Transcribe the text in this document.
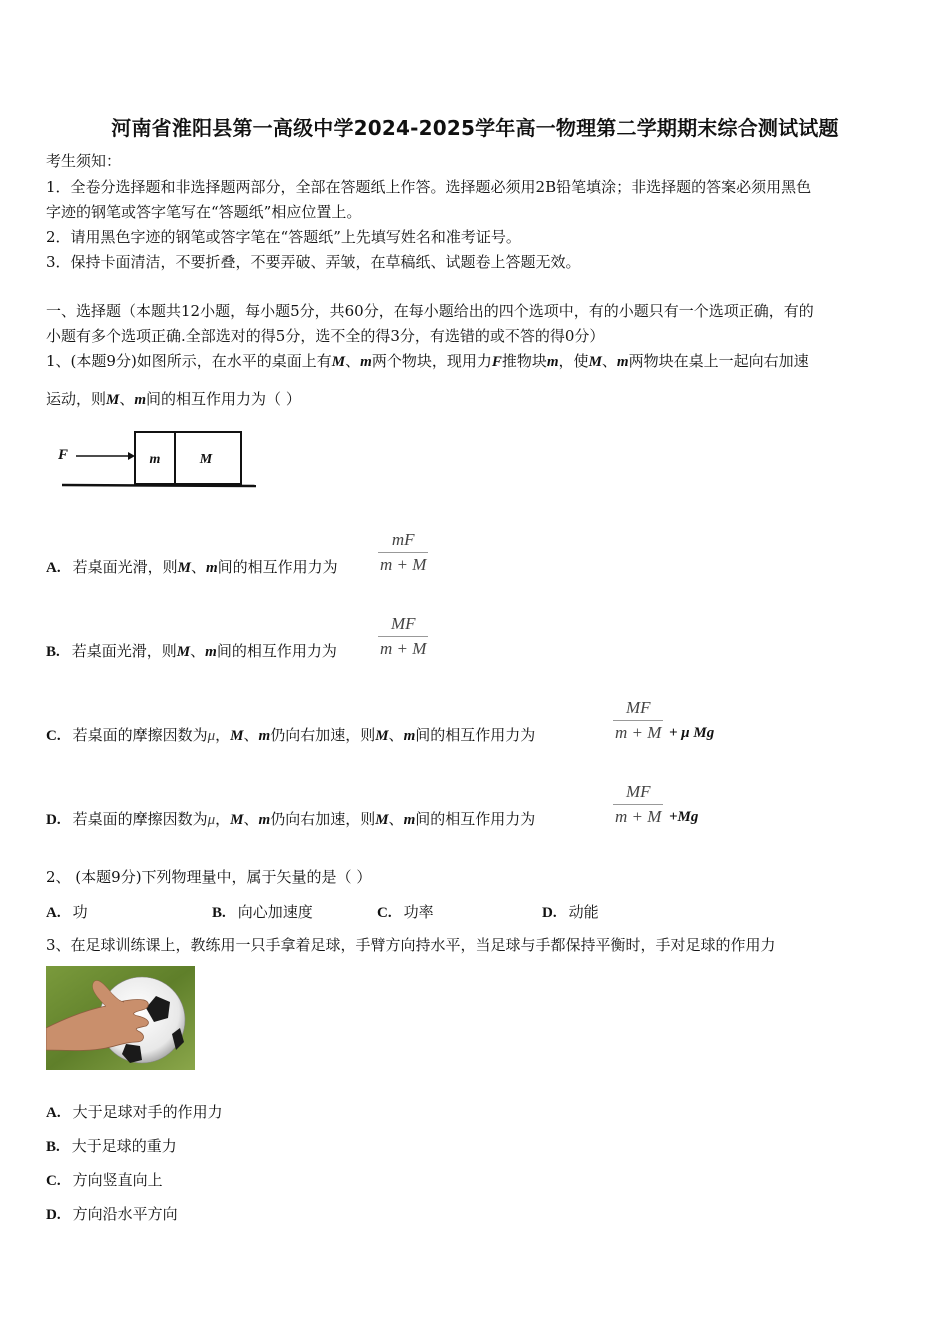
河南省淮阳县第一高级中学2024-2025学年高一物理第二学期期末综合测试试题
考生须知：
1．全卷分选择题和非选择题两部分，全部在答题纸上作答。选择题必须用2B铅笔填涂；非选择题的答案必须用黑色
字迹的钢笔或答字笔写在“答题纸”相应位置上。
2．请用黑色字迹的钢笔或答字笔在“答题纸”上先填写姓名和准考证号。
3．保持卡面清洁，不要折叠，不要弄破、弄皱，在草稿纸、试题卷上答题无效。
一、选择题（本题共12小题，每小题5分，共60分，在每小题给出的四个选项中，有的小题只有一个选项正确，有的
小题有多个选项正确.全部选对的得5分，选不全的得3分，有选错的或不答的得0分）
1、(本题9分)如图所示，在水平的桌面上有M、m两个物块，现用力F推物块m，使M、m两物块在桌上一起向右加速
运动，则M、m间的相互作用力为（ ）
F	m	M
A. 若桌面光滑，则M、m间的相互作用力为
mF
m + M
B. 若桌面光滑，则M、m间的相互作用力为
MF
m + M
C. 若桌面的摩擦因数为μ，M、m仍向右加速，则M、m间的相互作用力为
MF
m + M + μ Mg
D. 若桌面的摩擦因数为μ，M、m仍向右加速，则M、m间的相互作用力为
MF
m + M +Mg
2、 (本题9分)下列物理量中，属于矢量的是（ ）
A. 功	B. 向心加速度	C. 功率	D. 动能
3、在足球训练课上，教练用一只手拿着足球，手臂方向持水平，当足球与手都保持平衡时，手对足球的作用力
A. 大于足球对手的作用力
B. 大于足球的重力
C. 方向竖直向上
D. 方向沿水平方向
